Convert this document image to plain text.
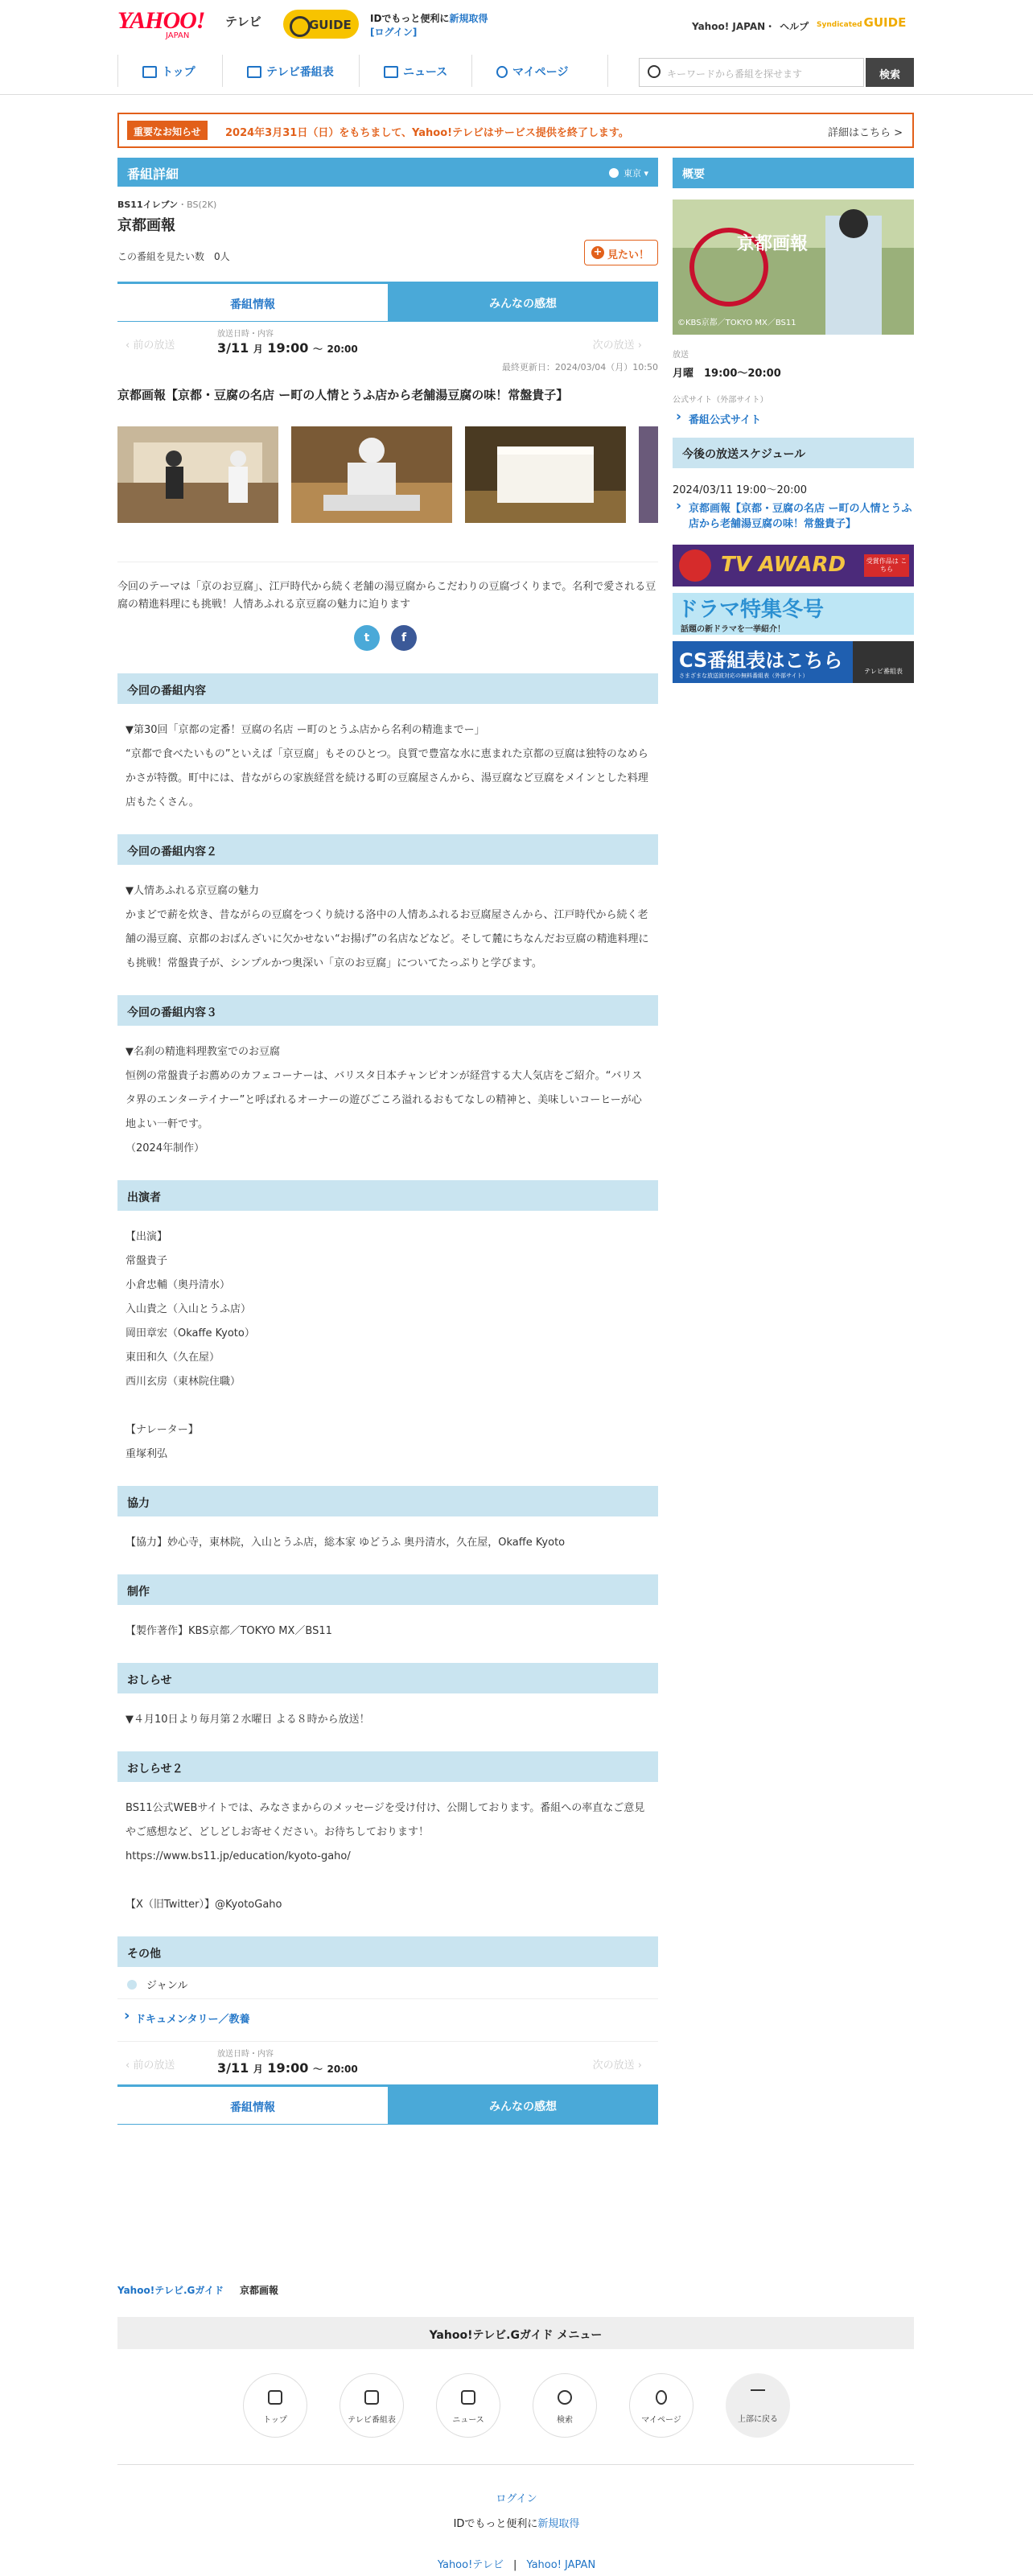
YAHOO!
JAPAN
テレビ	GUIDE	IDでもっと便利に新規取得
[ログイン]	Yahoo! JAPAN・ ヘルプ Syndicated GUIDE
トップ	テレビ番組表	ニュース	マイページ	キーワードから番組を探せます	検索
重要なお知らせ	2024年3月31日（日）をもちまして、Yahoo!テレビはサービス提供を終了します。	詳細はこちら >
番組詳細	東京 ▾
BS11イレブン・BS(2K)
京都画報
この番組を見たい数　0人
+	見たい！
番組情報	みんなの感想
‹ 前の放送
放送日時・内容
3/11 月 19:00 〜 20:00	次の放送 ›
最終更新日：2024/03/04（月）10:50
京都画報【京都・豆腐の名店 ー町の人情とうふ店から老舗湯豆腐の味！常盤貴子】
今回のテーマは「京のお豆腐」、江戸時代から続く老舗の湯豆腐からこだわりの豆腐づくりまで。名利で愛される豆腐の精進料理にも挑戦！人情あふれる京豆腐の魅力に迫ります
t	f
今回の番組内容
▼第30回「京都の定番！豆腐の名店 ー町のとうふ店から名利の精進までー」
“京都で食べたいもの”といえば「京豆腐」もそのひとつ。良質で豊富な水に恵まれた京都の豆腐は独特のなめらかさが特徴。町中には、昔ながらの家族経営を続ける町の豆腐屋さんから、湯豆腐など豆腐をメインとした料理店もたくさん。
今回の番組内容２
▼人情あふれる京豆腐の魅力
かまどで薪を炊き、昔ながらの豆腐をつくり続ける洛中の人情あふれるお豆腐屋さんから、江戸時代から続く老舗の湯豆腐、京都のおばんざいに欠かせない“お揚げ”の名店などなど。そして麓にちなんだお豆腐の精進料理にも挑戦！常盤貴子が、シンプルかつ奥深い「京のお豆腐」についてたっぷりと学びます。
今回の番組内容３
▼名刹の精進料理教室でのお豆腐
恒例の常盤貴子お薦めのカフェコーナーは、バリスタ日本チャンピオンが経営する大人気店をご紹介。“バリスタ界のエンターテイナー”と呼ばれるオーナーの遊びごころ溢れるおもてなしの精神と、美味しいコーヒーが心地よい一軒です。
（2024年制作）
出演者
【出演】
常盤貴子
小倉忠輔（奥丹清水）
入山貴之（入山とうふ店）
岡田章宏（Okaffe Kyoto）
東田和久（久在屋）
西川玄房（東林院住職）

【ナレーター】
重塚利弘
協力
【協力】妙心寺，東林院，入山とうふ店，総本家 ゆどうふ 奥丹清水，久在屋，Okaffe Kyoto
制作
【製作著作】KBS京都／TOKYO MX／BS11
おしらせ
▼４月10日より毎月第２水曜日 よる８時から放送！
おしらせ２
BS11公式WEBサイトでは、みなさまからのメッセージを受け付け、公開しております。番組への率直なご意見やご感想など、どしどしお寄せください。お待ちしております！
https://www.bs11.jp/education/kyoto-gaho/

【X（旧Twitter）】@KyotoGaho
その他
ジャンル
› ドキュメンタリー／教養
‹ 前の放送
放送日時・内容
3/11 月 19:00 〜 20:00	次の放送 ›
番組情報	みんなの感想
概要
©KBS京都／TOKYO MX／BS11
京都画報
放送
月曜　19:00〜20:00
公式サイト（外部サイト）
› 番組公式サイト
今後の放送スケジュール
2024/03/11 19:00〜20:00
› 京都画報【京都・豆腐の名店 ー町の人情とうふ店から老舗湯豆腐の味！常盤貴子】
TV AWARD	受賞作品は こちら
ドラマ特集冬号
話題の新ドラマを一挙紹介！
CS番組表はこちら
さまざまな放送波対応の無料番組表（外部サイト）
テレビ番組表
Yahoo!テレビ.Gガイド 京都画報
Yahoo!テレビ.Gガイド メニュー
トップ	テレビ番組表	ニュース	検索	マイページ	上部に戻る
ログイン
IDでもっと便利に新規取得
Yahoo!テレビ | Yahoo! JAPAN
